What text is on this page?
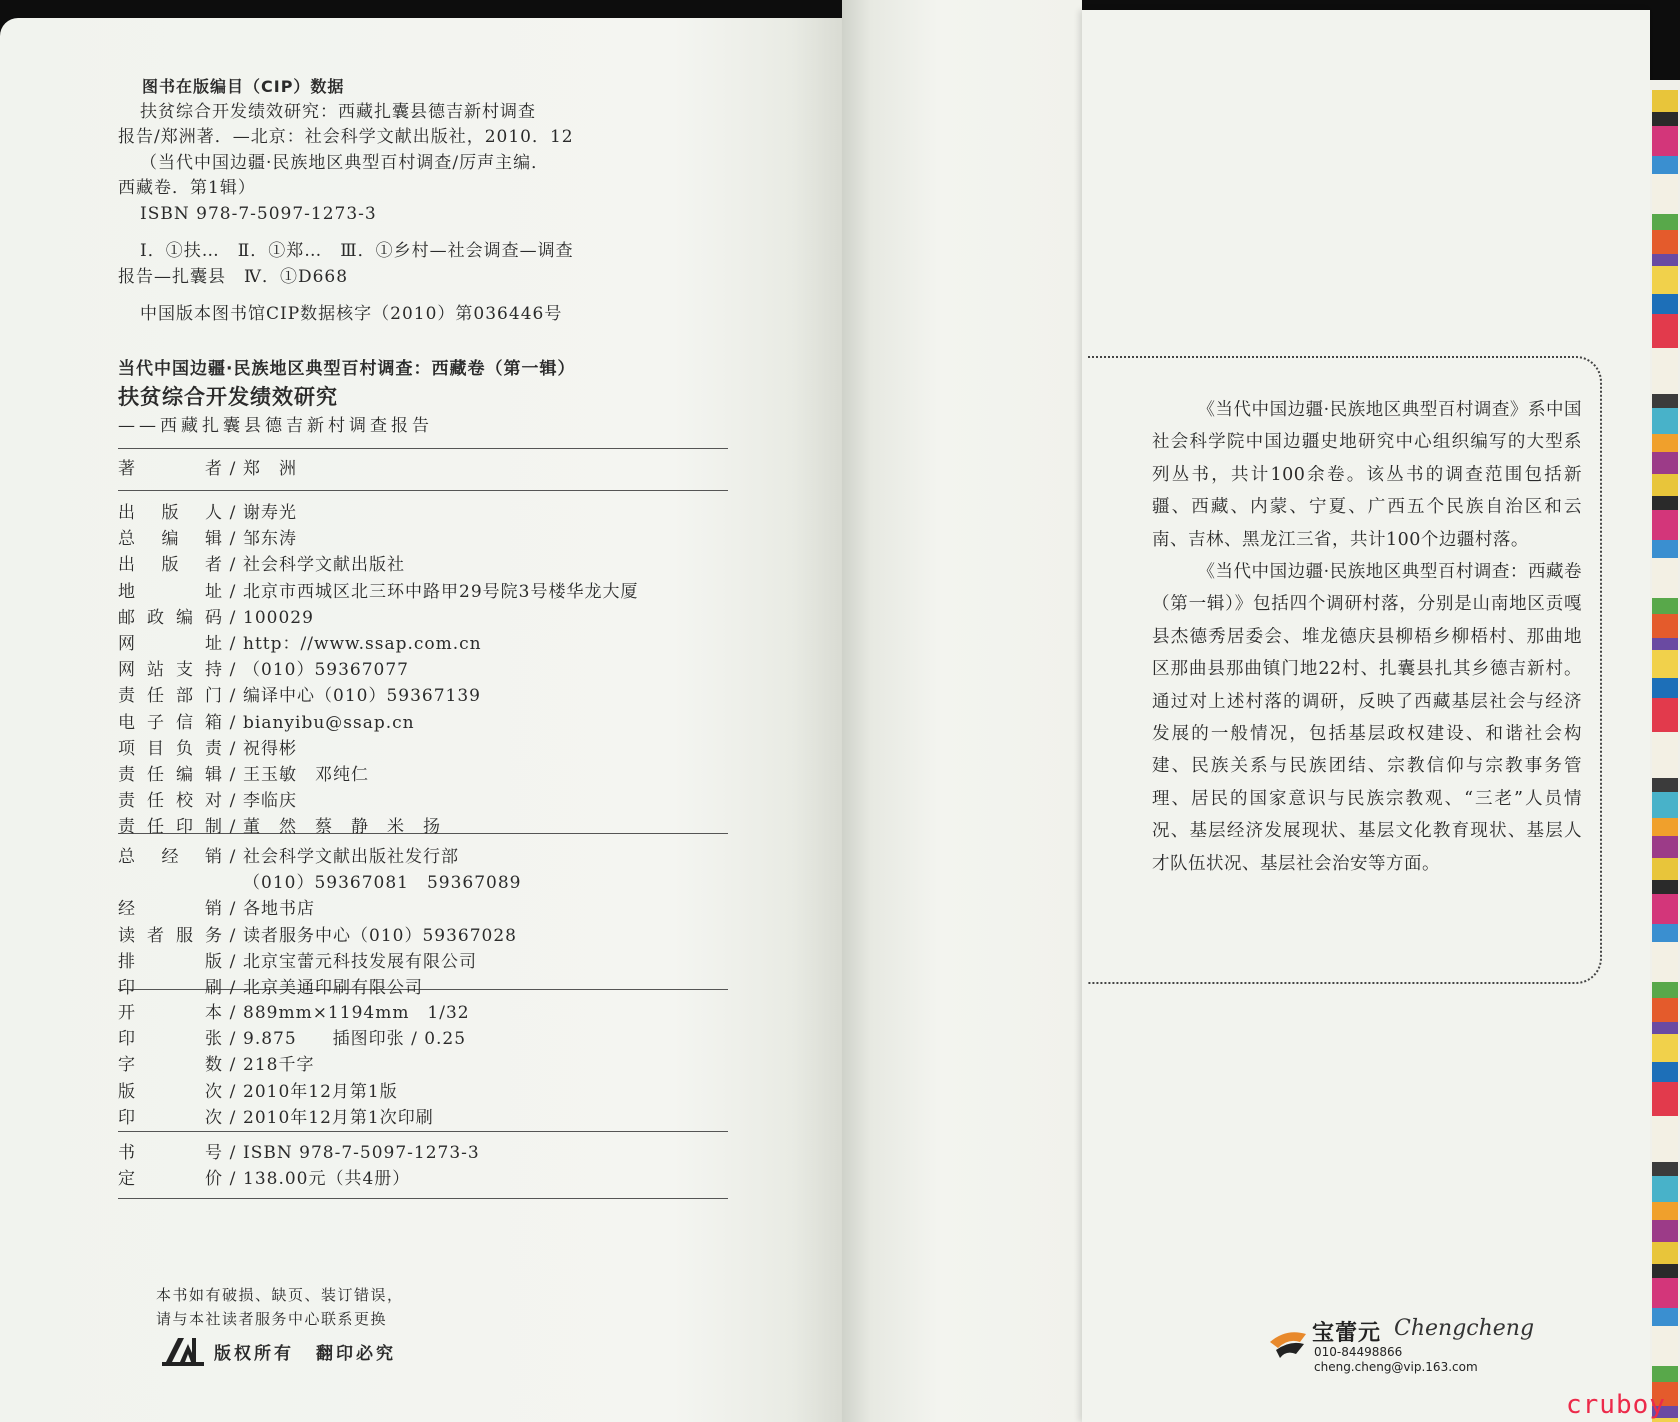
图书在版编目（CIP）数据
扶贫综合开发绩效研究：西藏扎囊县德吉新村调查
报告/郑洲著．—北京：社会科学文献出版社，2010．12
（当代中国边疆·民族地区典型百村调查/厉声主编．
西藏卷．第1辑）
ISBN 978-7-5097-1273-3
Ⅰ．①扶…　Ⅱ．①郑…　Ⅲ．①乡村—社会调查—调查
报告—扎囊县　Ⅳ．①D668
中国版本图书馆CIP数据核字（2010）第036446号
当代中国边疆·民族地区典型百村调查：西藏卷（第一辑）
扶贫综合开发绩效研究
——西藏扎囊县德吉新村调查报告
著　者 / 郑　洲
出 版 人 / 谢寿光
总 编 辑 / 邹东涛
出 版 者 / 社会科学文献出版社
地　址 / 北京市西城区北三环中路甲29号院3号楼华龙大厦
邮政编码 / 100029
网　址 / http：//www.ssap.com.cn
网站支持 / （010）59367077
责任部门 / 编译中心（010）59367139
电子信箱 / bianyibu@ssap.cn
项目负责 / 祝得彬
责任编辑 / 王玉敏　邓纯仁
责任校对 / 李临庆
责任印制 / 董　然　蔡　静　米　扬
总 经 销 / 社会科学文献出版社发行部
（010）59367081　59367089
经　销 / 各地书店
读者服务 / 读者服务中心（010）59367028
排　版 / 北京宝蕾元科技发展有限公司
印　刷 / 北京美通印刷有限公司
开　本 / 889mm×1194mm　1/32
印　张 / 9.875　　插图印张 / 0.25
字　数 / 218千字
版　次 / 2010年12月第1版
印　次 / 2010年12月第1次印刷
书　号 / ISBN 978-7-5097-1273-3
定　价 / 138.00元（共4册）
本书如有破损、缺页、装订错误，
请与本社读者服务中心联系更换
版权所有 翻印必究

《当代中国边疆·民族地区典型百村调查》系中国社会科学院中国边疆史地研究中心组织编写的大型系列丛书，共计100余卷。该丛书的调查范围包括新疆、西藏、内蒙、宁夏、广西五个民族自治区和云南、吉林、黑龙江三省，共计100个边疆村落。

《当代中国边疆·民族地区典型百村调查：西藏卷（第一辑）》包括四个调研村落，分别是山南地区贡嘎县杰德秀居委会、堆龙德庆县柳梧乡柳梧村、那曲地区那曲县那曲镇门地22村、扎囊县扎其乡德吉新村。通过对上述村落的调研，反映了西藏基层社会与经济发展的一般情况，包括基层政权建设、和谐社会构建、民族关系与民族团结、宗教信仰与宗教事务管理、居民的国家意识与民族宗教观、“三老”人员情况、基层经济发展现状、基层文化教育现状、基层人才队伍状况、基层社会治安等方面。

宝蕾元 Chengcheng
010-84498866
cheng.cheng@vip.163.com
cruboy
